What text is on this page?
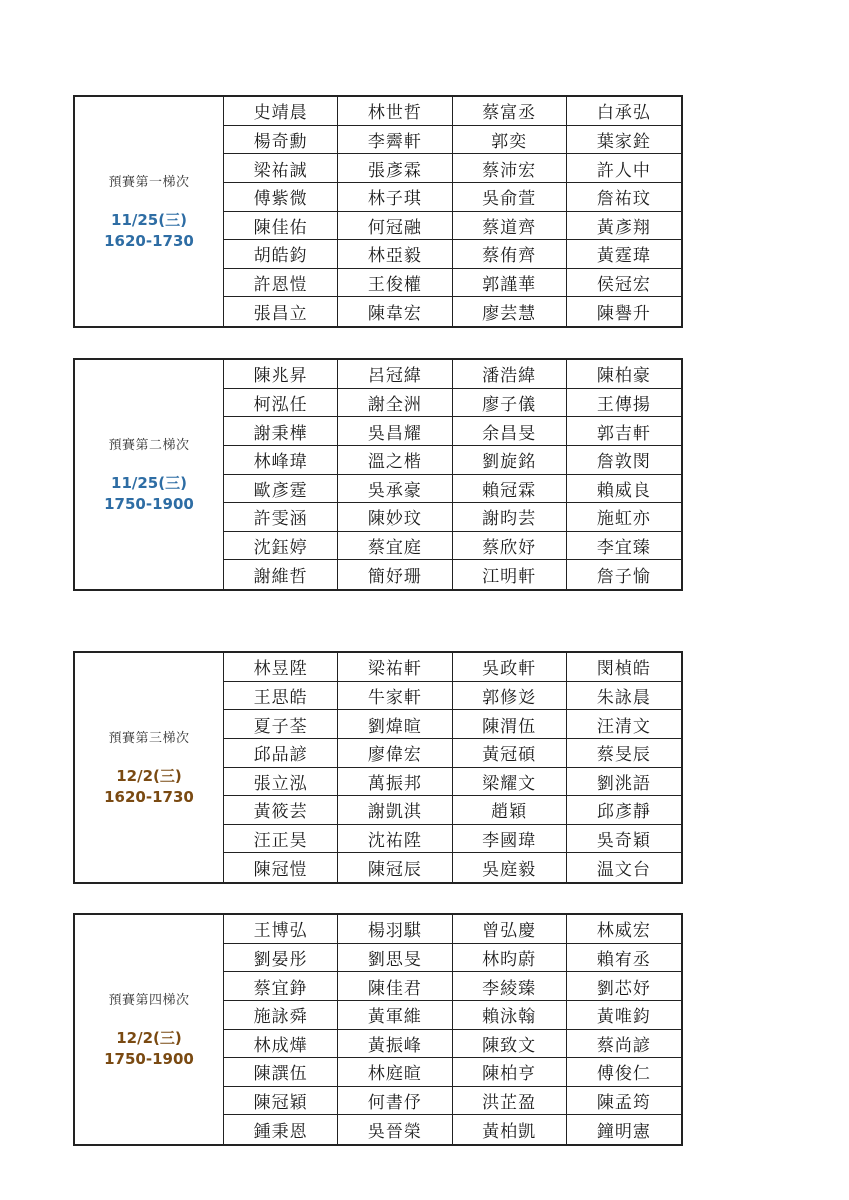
預賽第一梯次
11/25(三)
1620-1730
史靖晨	林世哲	蔡富丞	白承弘
楊奇勳	李霽軒	郭奕	葉家銓
梁祐誠	張彥霖	蔡沛宏	許人中
傅紫微	林子琪	吳俞萱	詹祐玟
陳佳佑	何冠融	蔡道齊	黃彥翔
胡皓鈞	林亞毅	蔡侑齊	黃霆瑋
許恩愷	王俊權	郭謹華	侯冠宏
張昌立	陳韋宏	廖芸慧	陳譽升
預賽第二梯次
11/25(三)
1750-1900
陳兆昇	呂冠緯	潘浩緯	陳柏豪
柯泓任	謝全洲	廖子儀	王傳揚
謝秉樺	吳昌耀	余昌旻	郭吉軒
林峰瑋	溫之楷	劉旋銘	詹敦閔
歐彥霆	吳承豪	賴冠霖	賴威良
許雯涵	陳妙玟	謝昀芸	施虹亦
沈鈺婷	蔡宜庭	蔡欣妤	李宜臻
謝維哲	簡妤珊	江明軒	詹子愉
預賽第三梯次
12/2(三)
1620-1730
林昱陞	梁祐軒	吳政軒	閔楨皓
王思皓	牛家軒	郭修彣	朱詠晨
夏子荃	劉煒暄	陳渭伍	汪清文
邱品諺	廖偉宏	黃冠碩	蔡旻辰
張立泓	萬振邦	梁耀文	劉洮語
黃筱芸	謝凱淇	趙穎	邱彥靜
汪正昊	沈祐陞	李國瑋	吳奇穎
陳冠愷	陳冠辰	吳庭毅	温文台
預賽第四梯次
12/2(三)
1750-1900
王博弘	楊羽騏	曾弘慶	林威宏
劉晏彤	劉思旻	林昀蔚	賴宥丞
蔡宜錚	陳佳君	李綾臻	劉芯妤
施詠舜	黃軍維	賴泳翰	黃唯鈞
林成燁	黃振峰	陳致文	蔡尚諺
陳譔伍	林庭暄	陳柏亨	傅俊仁
陳冠穎	何書伃	洪芷盈	陳孟筠
鍾秉恩	吳晉榮	黃柏凱	鐘明憲
